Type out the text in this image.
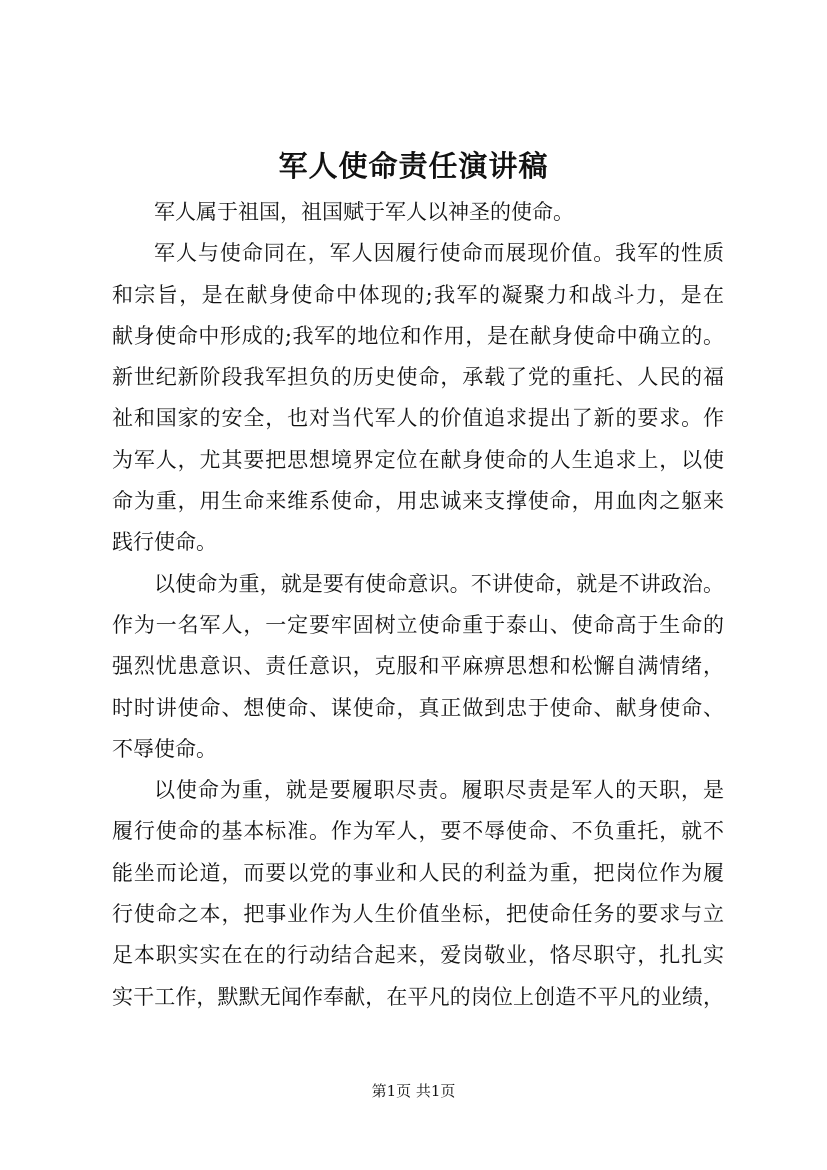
军人使命责任演讲稿
军人属于祖国，祖国赋于军人以神圣的使命。
军人与使命同在，军人因履行使命而展现价值。我军的性质
和宗旨，是在献身使命中体现的;我军的凝聚力和战斗力，是在
献身使命中形成的;我军的地位和作用，是在献身使命中确立的。
新世纪新阶段我军担负的历史使命，承载了党的重托、人民的福
祉和国家的安全，也对当代军人的价值追求提出了新的要求。作
为军人，尤其要把思想境界定位在献身使命的人生追求上，以使
命为重，用生命来维系使命，用忠诚来支撑使命，用血肉之躯来
践行使命。
以使命为重，就是要有使命意识。不讲使命，就是不讲政治。
作为一名军人，一定要牢固树立使命重于泰山、使命高于生命的
强烈忧患意识、责任意识，克服和平麻痹思想和松懈自满情绪，
时时讲使命、想使命、谋使命，真正做到忠于使命、献身使命、
不辱使命。
以使命为重，就是要履职尽责。履职尽责是军人的天职，是
履行使命的基本标准。作为军人，要不辱使命、不负重托，就不
能坐而论道，而要以党的事业和人民的利益为重，把岗位作为履
行使命之本，把事业作为人生价值坐标，把使命任务的要求与立
足本职实实在在的行动结合起来，爱岗敬业，恪尽职守，扎扎实
实干工作，默默无闻作奉献，在平凡的岗位上创造不平凡的业绩，
第1页 共1页
